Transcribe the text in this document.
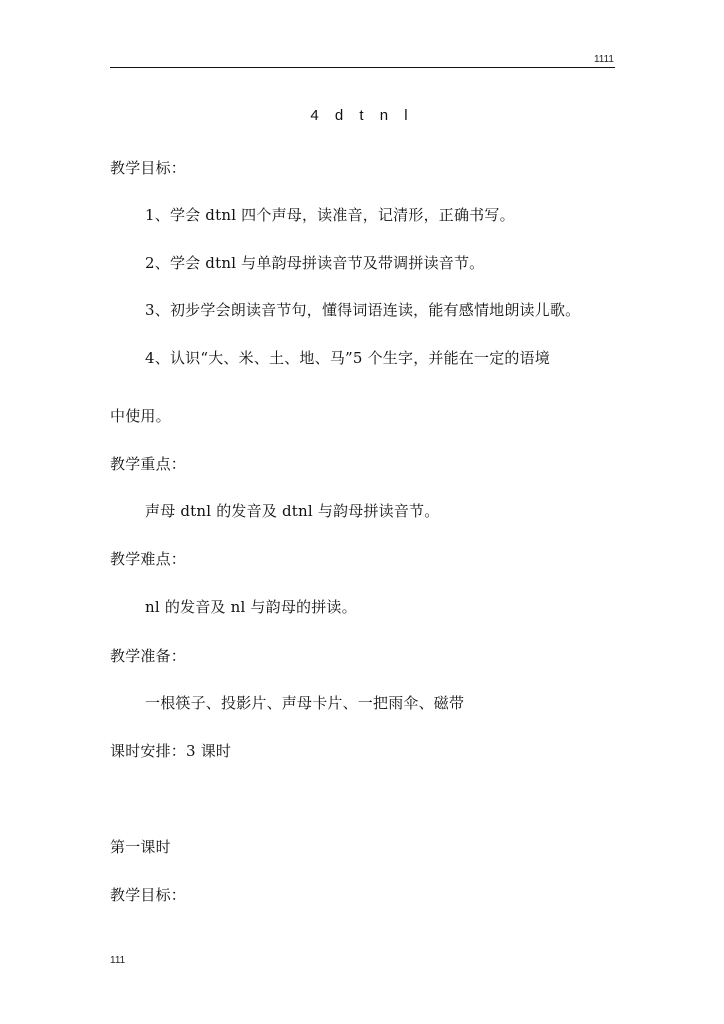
1111
4 d t n l
教学目标：
1、学会 dtnl 四个声母，读准音，记清形，正确书写。
2、学会 dtnl 与单韵母拼读音节及带调拼读音节。
3、初步学会朗读音节句，懂得词语连读，能有感情地朗读儿歌。
4、认识“大、米、土、地、马”5 个生字，并能在一定的语境
中使用。
教学重点：
声母 dtnl 的发音及 dtnl 与韵母拼读音节。
教学难点：
nl 的发音及 nl 与韵母的拼读。
教学准备：
一根筷子、投影片、声母卡片、一把雨伞、磁带
课时安排：3 课时
第一课时
教学目标：
111
